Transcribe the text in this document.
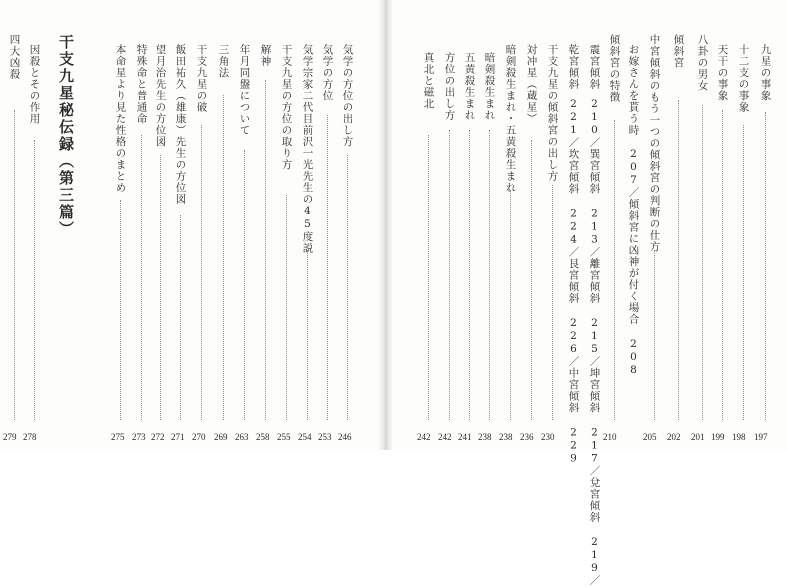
四大凶殺
279
因殺とその作用
278
干支九星秘伝録（第三篇）	本命星より見た性格のまとめ
275
特殊命と普通命
273
望月治先生の方位図
272
飯田祐久（雄康）先生の方位図
271
干支九星の破
270
三角法
269
年月同盤について
263
解神
258
干支九星の方位の取り方
255
気学宗家二代目前沢一光先生の45度説
254
気学の方位
253
気学の方位の出し方
246
真北と磁北
242
方位の出し方
242
五黄殺生まれ
241
暗剣殺生まれ
238
暗剣殺生まれ・五黄殺生まれ
238
対冲星（蔵星）
236
干支九星の傾斜宮の出し方
230
乾宮傾斜
221／坎宮傾斜 224／艮宮傾斜 226／中宮傾斜 229
震宮傾斜
210／巽宮傾斜 213／離宮傾斜 215／坤宮傾斜 217／兌宮傾斜 219／
傾斜宮の特徴
210
お嫁さんを貰う時
207／傾斜宮に凶神が付く場合 208
中宮傾斜のもう一つの傾斜宮の判断の仕方
205
傾斜宮
202
八卦の男女
201
天干の事象
199
十二支の事象
198
九星の事象
197
